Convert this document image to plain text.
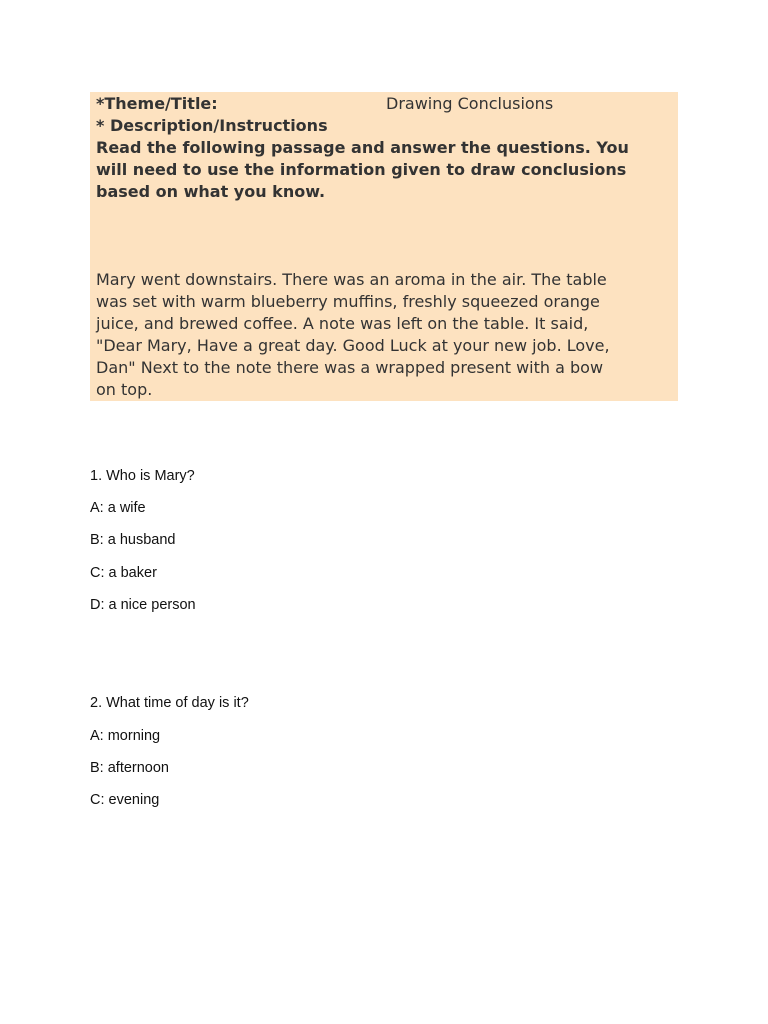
*Theme/Title:	Drawing Conclusions
* Description/Instructions
Read the following passage and answer the questions. You
will need to use the information given to draw conclusions
based on what you know.
Mary went downstairs. There was an aroma in the air. The table
was set with warm blueberry muffins, freshly squeezed orange
juice, and brewed coffee. A note was left on the table. It said,
"Dear Mary, Have a great day. Good Luck at your new job. Love,
Dan" Next to the note there was a wrapped present with a bow
on top.
1. Who is Mary?
A: a wife
B: a husband
C: a baker
D: a nice person
2. What time of day is it?
A: morning
B: afternoon
C: evening
